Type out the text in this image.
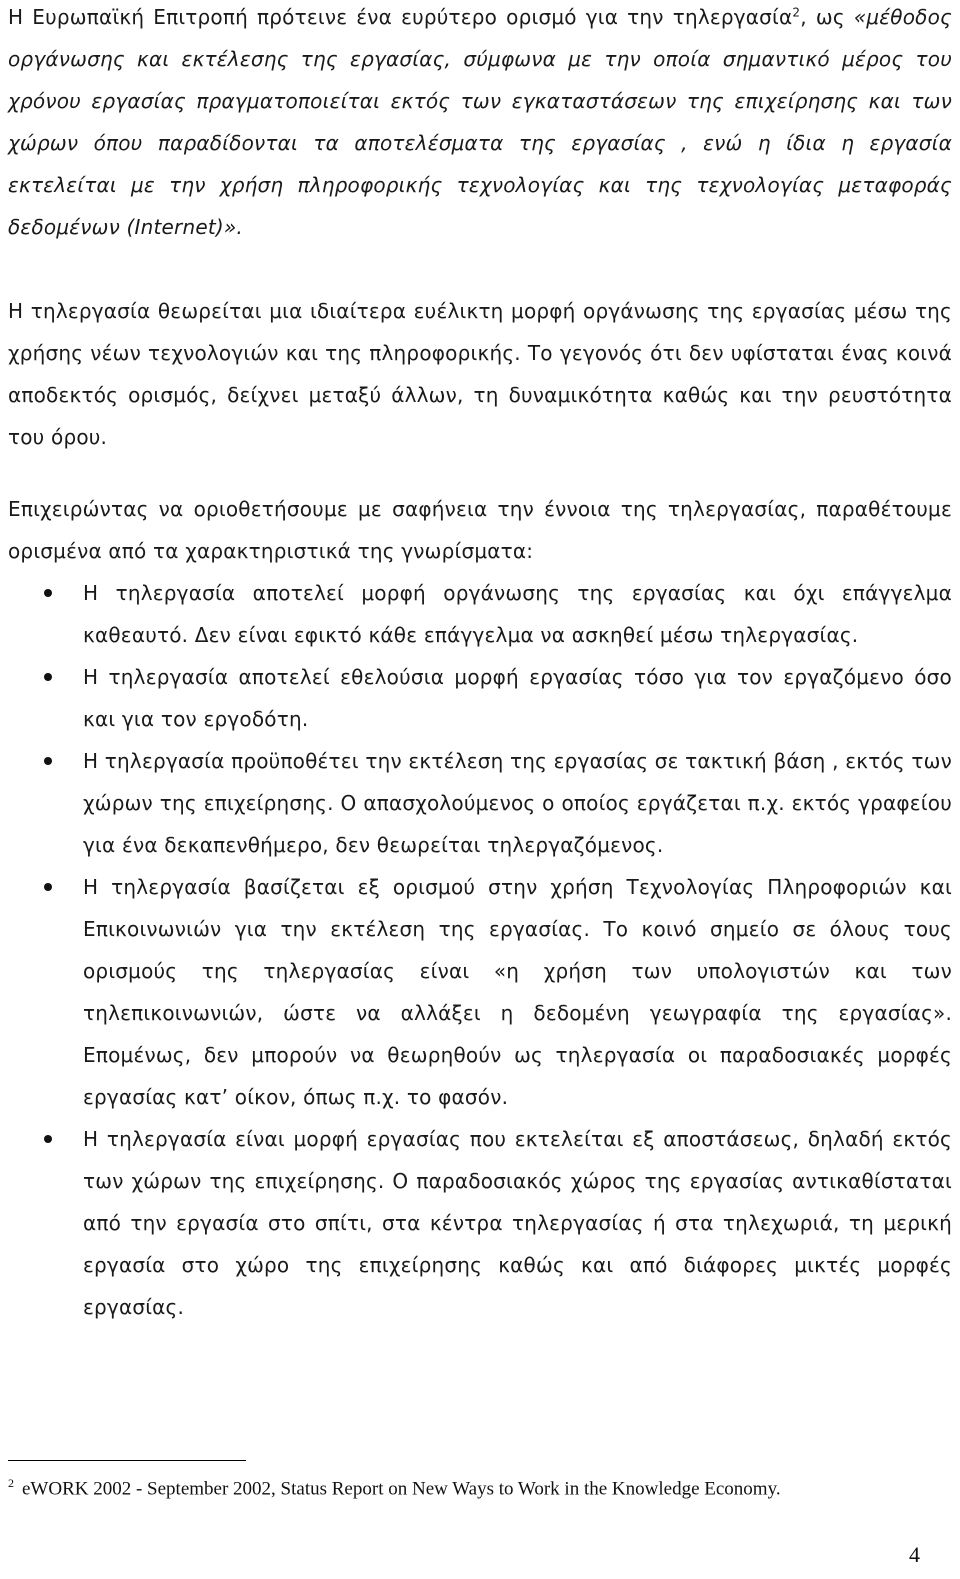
Η Ευρωπαϊκή Επιτροπή πρότεινε ένα ευρύτερο ορισμό για την τηλεργασία$^2$, ως «μέθοδος οργάνωσης και εκτέλεσης της εργασίας, σύμφωνα με την οποία σημαντικό μέρος του χρόνου εργασίας πραγματοποιείται εκτός των εγκαταστάσεων της επιχείρησης και των χώρων όπου παραδίδονται τα αποτελέσματα της εργασίας , ενώ η ίδια η εργασία εκτελείται με την χρήση πληροφορικής τεχνολογίας και της τεχνολογίας μεταφοράς δεδομένων (Internet)».

Η τηλεργασία θεωρείται μια ιδιαίτερα ευέλικτη μορφή οργάνωσης της εργασίας μέσω της χρήσης νέων τεχνολογιών και της πληροφορικής. Το γεγονός ότι δεν υφίσταται ένας κοινά αποδεκτός ορισμός, δείχνει μεταξύ άλλων, τη δυναμικότητα καθώς και την ρευστότητα του όρου.

Επιχειρώντας να οριοθετήσουμε με σαφήνεια την έννοια της τηλεργασίας, παραθέτουμε ορισμένα από τα χαρακτηριστικά της γνωρίσματα:

Η τηλεργασία αποτελεί μορφή οργάνωσης της εργασίας και όχι επάγγελμα καθεαυτό. Δεν είναι εφικτό κάθε επάγγελμα να ασκηθεί μέσω τηλεργασίας.
Η τηλεργασία αποτελεί εθελούσια μορφή εργασίας τόσο για τον εργαζόμενο όσο και για τον εργοδότη.
Η τηλεργασία προϋποθέτει την εκτέλεση της εργασίας σε τακτική βάση , εκτός των χώρων της επιχείρησης. Ο απασχολούμενος ο οποίος εργάζεται π.χ. εκτός γραφείου για ένα δεκαπενθήμερο, δεν θεωρείται τηλεργαζόμενος.
Η τηλεργασία βασίζεται εξ ορισμού στην χρήση Τεχνολογίας Πληροφοριών και Επικοινωνιών για την εκτέλεση της εργασίας. Το κοινό σημείο σε όλους τους ορισμούς της τηλεργασίας είναι «η χρήση των υπολογιστών και των τηλεπικοινωνιών, ώστε να αλλάξει η δεδομένη γεωγραφία της εργασίας». Επομένως, δεν μπορούν να θεωρηθούν ως τηλεργασία οι παραδοσιακές μορφές εργασίας κατ’ οίκον, όπως π.χ. το φασόν.
Η τηλεργασία είναι μορφή εργασίας που εκτελείται εξ αποστάσεως, δηλαδή εκτός των χώρων της επιχείρησης. Ο παραδοσιακός χώρος της εργασίας αντικαθίσταται από την εργασία στο σπίτι, στα κέντρα τηλεργασίας ή στα τηλεχωριά, τη μερική εργασία στο χώρο της επιχείρησης καθώς και από διάφορες μικτές μορφές εργασίας.
$^2$ eWORK 2002 - September 2002, Status Report on New Ways to Work in the Knowledge Economy.
4
